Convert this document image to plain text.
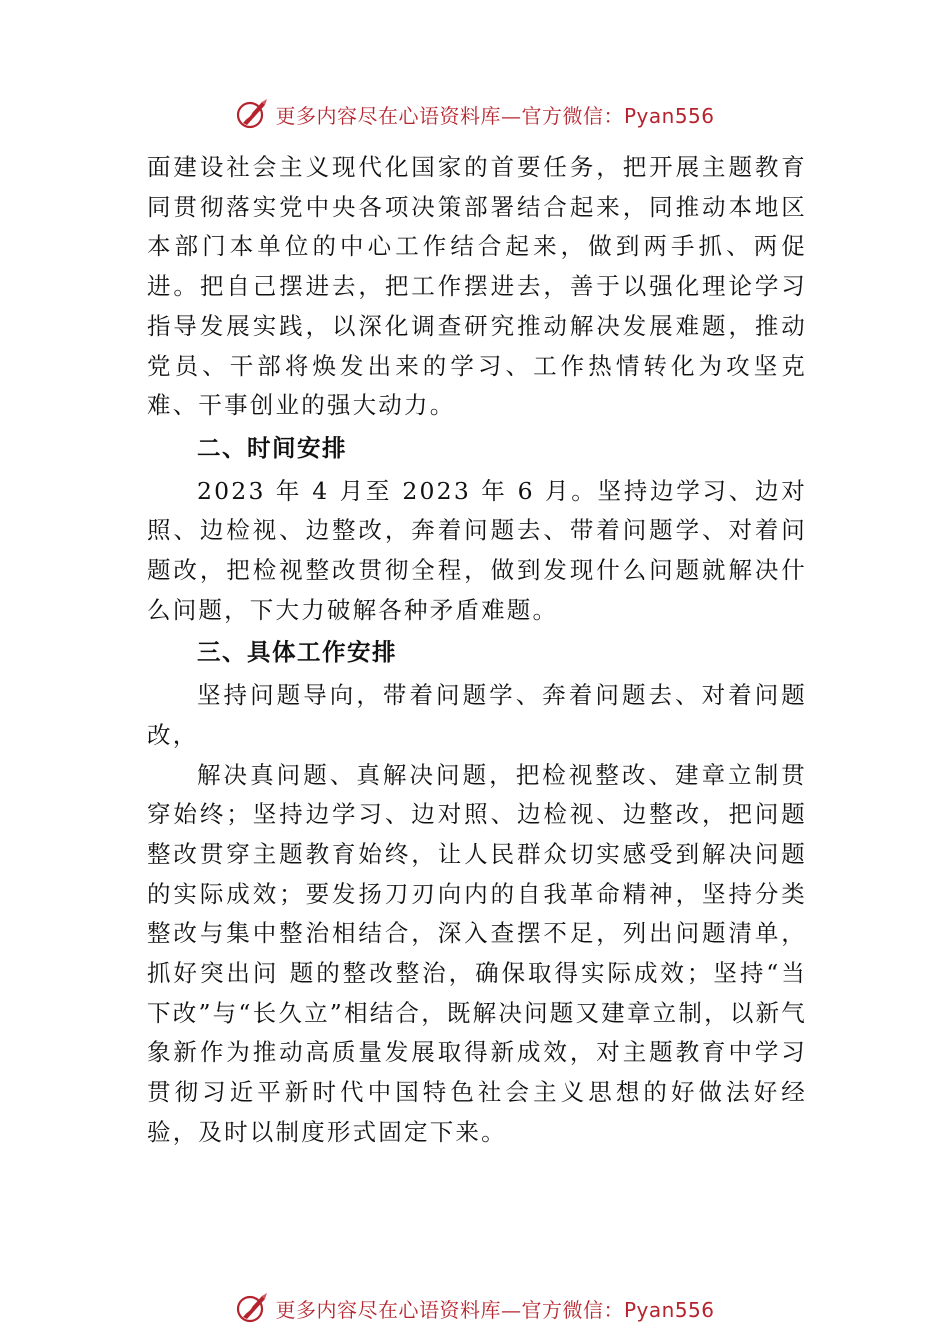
更多内容尽在心语资料库—官方微信：Pyan556

面建设社会主义现代化国家的首要任务，把开展主题教育同贯彻落实党中央各项决策部署结合起来，同推动本地区本部门本单位的中心工作结合起来，做到两手抓、两促进。把自己摆进去，把工作摆进去，善于以强化理论学习指导发展实践，以深化调查研究推动解决发展难题，推动党员、干部将焕发出来的学习、工作热情转化为攻坚克难、干事创业的强大动力。

二、时间安排

2023 年 4 月至 2023 年 6 月。坚持边学习、边对照、边检视、边整改，奔着问题去、带着问题学、对着问题改，把检视整改贯彻全程，做到发现什么问题就解决什么问题，下大力破解各种矛盾难题。

三、具体工作安排

坚持问题导向，带着问题学、奔着问题去、对着问题改，

解决真问题、真解决问题，把检视整改、建章立制贯穿始终；坚持边学习、边对照、边检视、边整改，把问题整改贯穿主题教育始终，让人民群众切实感受到解决问题的实际成效；要发扬刀刃向内的自我革命精神，坚持分类整改与集中整治相结合，深入查摆不足，列出问题清单，抓好突出问 题的整改整治，确保取得实际成效；坚持“当下改”与“长久立”相结合，既解决问题又建章立制，以新气象新作为推动高质量发展取得新成效，对主题教育中学习贯彻习近平新时代中国特色社会主义思想的好做法好经验，及时以制度形式固定下来。

更多内容尽在心语资料库—官方微信：Pyan556
